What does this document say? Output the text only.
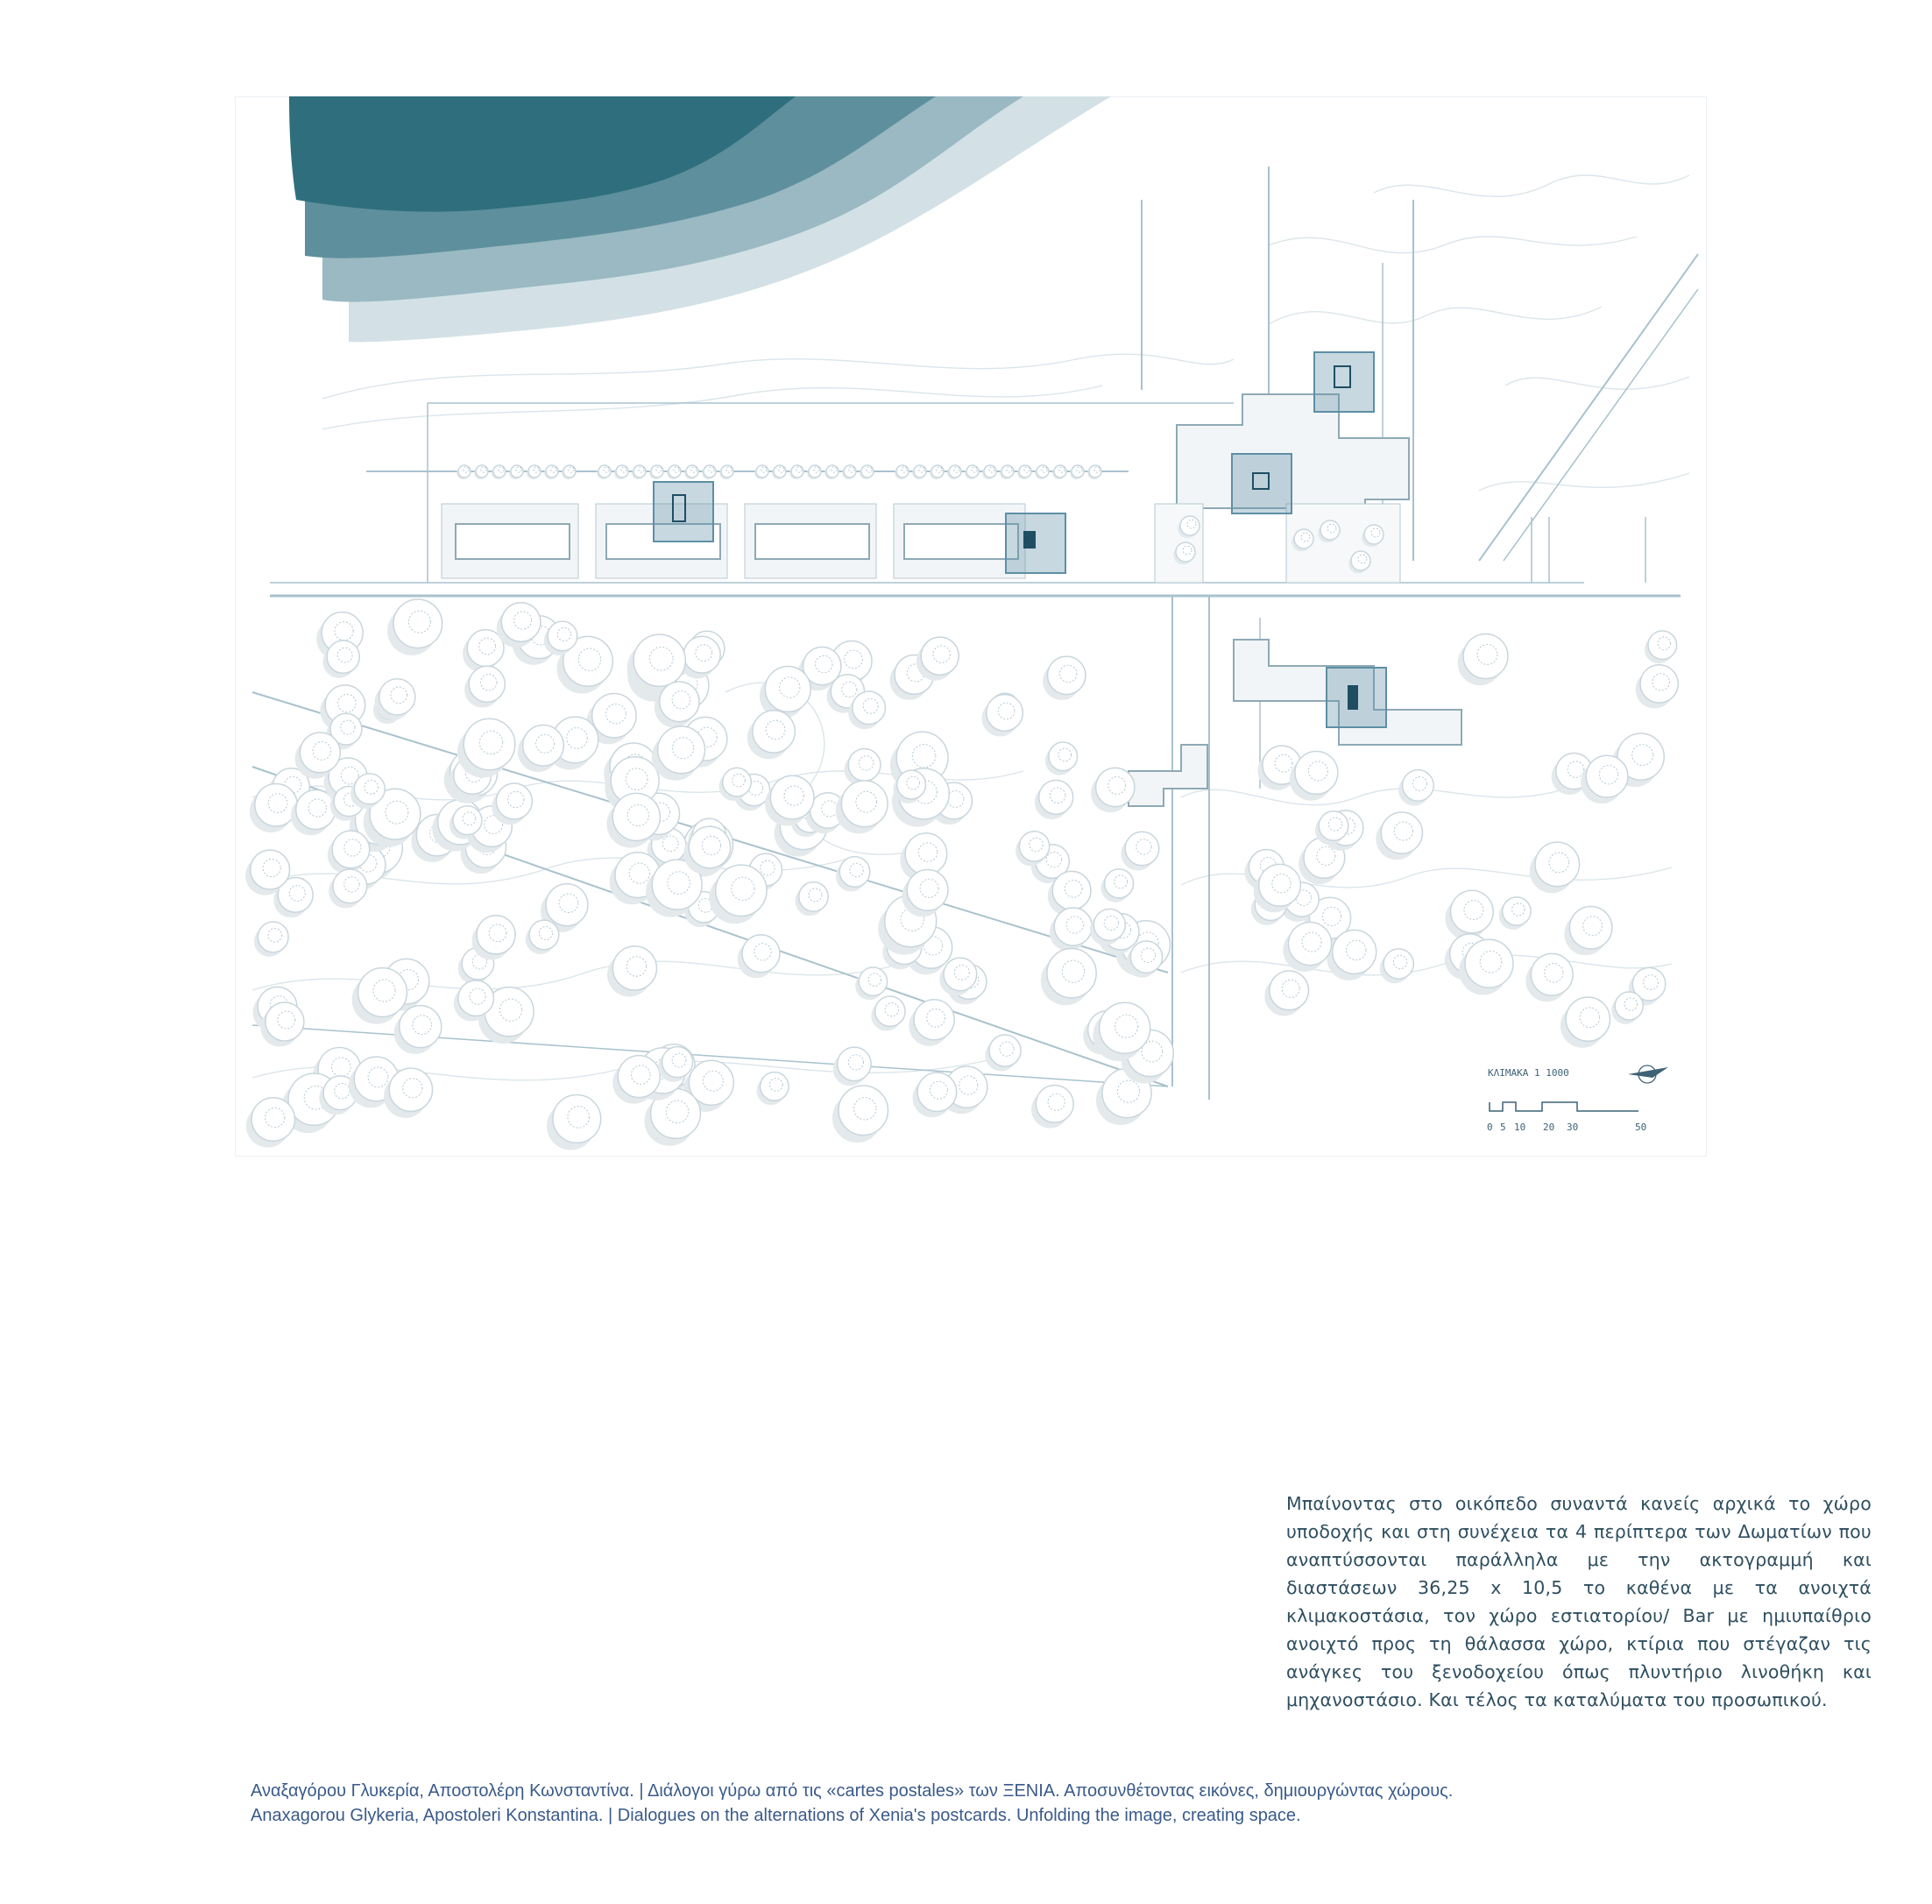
ΚΛΙΜΑΚΑ 1 1000
0 5 10 20 30	50
Μπαίνοντας στο οικόπεδο συναντά κανείς αρχικά το χώρο υποδοχής και στη συνέχεια τα 4 περίπτερα των Δωματίων που αναπτύσσονται παράλληλα με την ακτογραμμή και διαστάσεων 36,25 x 10,5 το καθένα με τα ανοιχτά κλιμακοστάσια, τον χώρο εστιατορίου/ Bar με ημιυπαίθριο ανοιχτό προς τη θάλασσα χώρο, κτίρια που στέγαζαν τις ανάγκες του ξενοδοχείου όπως πλυντήριο λινοθήκη και μηχανοστάσιο. Και τέλος τα καταλύματα του προσωπικού.
Αναξαγόρου Γλυκερία, Αποστολέρη Κωνσταντίνα. | Διάλογοι γύρω από τις «cartes postales» των ΞΕΝΙΑ. Αποσυνθέτοντας εικόνες, δημιουργώντας χώρους.
Anaxagorou Glykeria, Apostoleri Konstantina. | Dialogues on the alternations of Xenia's postcards. Unfolding the image, creating space.
